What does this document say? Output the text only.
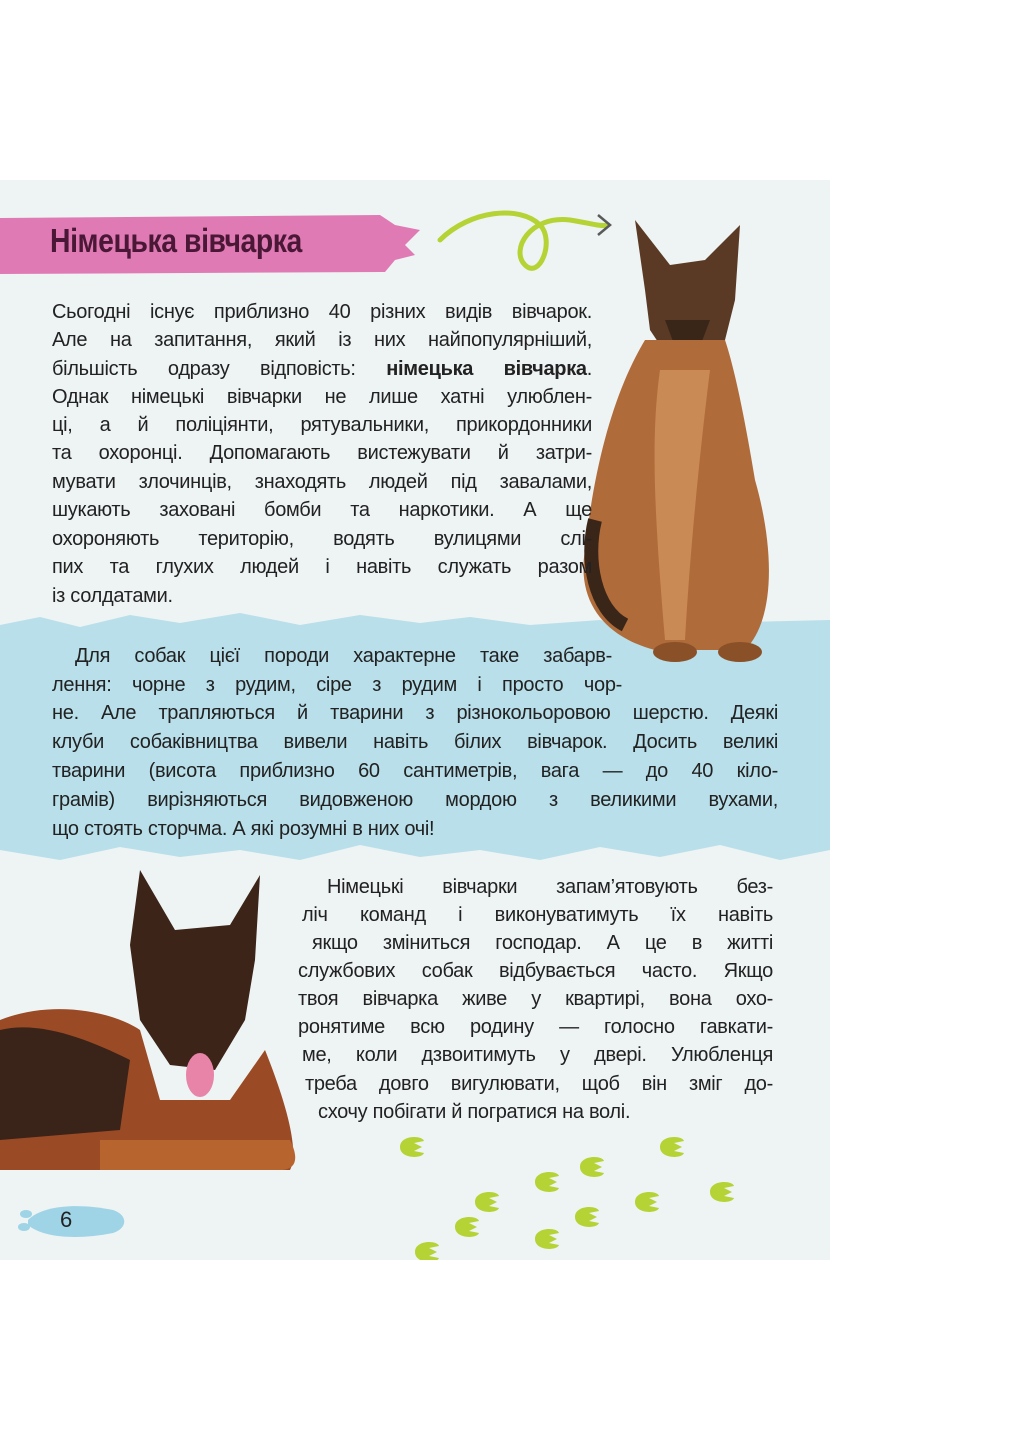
Німецька вівчарка
6
Сьогодні існує приблизно 40 різних видів вівчарок.
Але на запитання, який із них найпопулярніший,
більшість одразу відповість: німецька вівчарка.
Однак німецькі вівчарки не лише хатні улюблен-
ці, а й поліціянти, рятувальники, прикордонники
та охоронці. Допомагають вистежувати й затри-
мувати злочинців, знаходять людей під завалами,
шукають заховані бомби та наркотики. А ще
охороняють територію, водять вулицями слі-
пих та глухих людей і навіть служать разом
із солдатами.
Для собак цієї породи характерне таке забарв-
лення: чорне з рудим, сіре з рудим і просто чор-
не. Але трапляються й тварини з різнокольоровою шерстю. Деякі
клуби собаківництва вивели навіть білих вівчарок. Досить великі
тварини (висота приблизно 60 сантиметрів, вага — до 40 кіло-
грамів) вирізняються видовженою мордою з великими вухами,
що стоять сторчма. А які розумні в них очі!
Німецькі вівчарки запам’ятовують без-
ліч команд і виконуватимуть їх навіть
якщо зміниться господар. А це в житті
службових собак відбувається часто. Якщо
твоя вівчарка живе у квартирі, вона охо-
ронятиме всю родину — голосно гавкати-
ме, коли дзвоитимуть у двері. Улюбленця
треба довго вигулювати, щоб він зміг до-
схочу побігати й погратися на волі.
